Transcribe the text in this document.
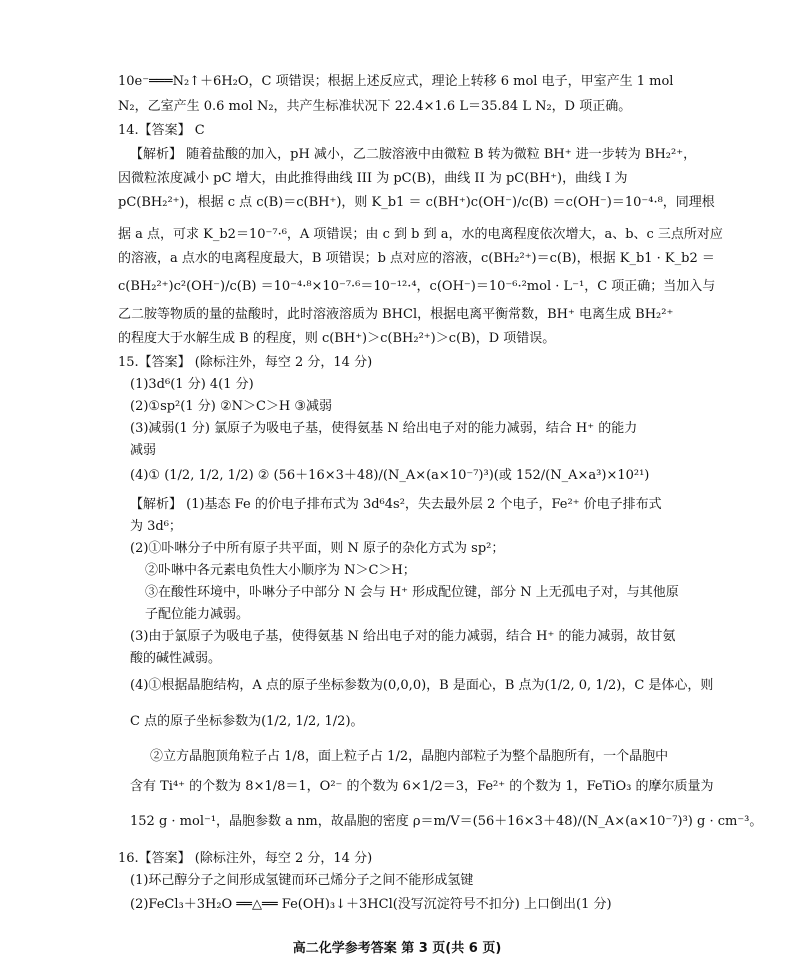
10e⁻═══N₂↑＋6H₂O，C 项错误；根据上述反应式，理论上转移 6 mol 电子，甲室产生 1 mol
N₂，乙室产生 0.6 mol N₂，共产生标准状况下 22.4×1.6 L＝35.84 L N₂，D 项正确。
14.【答案】 C
【解析】 随着盐酸的加入，pH 减小，乙二胺溶液中由微粒 B 转为微粒 BH⁺ 进一步转为 BH₂²⁺，
因微粒浓度减小 pC 增大，由此推得曲线 III 为 pC(B)，曲线 II 为 pC(BH⁺)，曲线 I 为
pC(BH₂²⁺)，根据 c 点 c(B)＝c(BH⁺)，则 K_b1 ＝ c(BH⁺)c(OH⁻)/c(B) ＝c(OH⁻)＝10⁻⁴·⁸，同理根
据 a 点，可求 K_b2＝10⁻⁷·⁶，A 项错误；由 c 到 b 到 a，水的电离程度依次增大，a、b、c 三点所对应
的溶液，a 点水的电离程度最大，B 项错误；b 点对应的溶液，c(BH₂²⁺)＝c(B)，根据 K_b1 · K_b2 ＝
c(BH₂²⁺)c²(OH⁻)/c(B) ＝10⁻⁴·⁸×10⁻⁷·⁶＝10⁻¹²·⁴，c(OH⁻)＝10⁻⁶·²mol · L⁻¹，C 项正确；当加入与
乙二胺等物质的量的盐酸时，此时溶液溶质为 BHCl，根据电离平衡常数，BH⁺ 电离生成 BH₂²⁺
的程度大于水解生成 B 的程度，则 c(BH⁺)＞c(BH₂²⁺)＞c(B)，D 项错误。
15.【答案】 (除标注外，每空 2 分，14 分)
(1)3d⁶(1 分) 4(1 分)
(2)①sp²(1 分) ②N＞C＞H ③减弱
(3)减弱(1 分) 氯原子为吸电子基，使得氨基 N 给出电子对的能力减弱，结合 H⁺ 的能力
减弱
(4)① (1/2, 1/2, 1/2) ② (56＋16×3＋48)/(N_A×(a×10⁻⁷)³)(或 152/(N_A×a³)×10²¹)
【解析】 (1)基态 Fe 的价电子排布式为 3d⁶4s²，失去最外层 2 个电子，Fe²⁺ 价电子排布式
为 3d⁶；
(2)①卟啉分子中所有原子共平面，则 N 原子的杂化方式为 sp²；
②卟啉中各元素电负性大小顺序为 N＞C＞H；
③在酸性环境中，卟啉分子中部分 N 会与 H⁺ 形成配位键，部分 N 上无孤电子对，与其他原
子配位能力减弱。
(3)由于氯原子为吸电子基，使得氨基 N 给出电子对的能力减弱，结合 H⁺ 的能力减弱，故甘氨
酸的碱性减弱。
(4)①根据晶胞结构，A 点的原子坐标参数为(0,0,0)，B 是面心，B 点为(1/2, 0, 1/2)，C 是体心，则
C 点的原子坐标参数为(1/2, 1/2, 1/2)。
②立方晶胞顶角粒子占 1/8，面上粒子占 1/2，晶胞内部粒子为整个晶胞所有，一个晶胞中
含有 Ti⁴⁺ 的个数为 8×1/8＝1，O²⁻ 的个数为 6×1/2＝3，Fe²⁺ 的个数为 1，FeTiO₃ 的摩尔质量为
152 g · mol⁻¹，晶胞参数 a nm，故晶胞的密度 ρ＝m/V＝(56＋16×3＋48)/(N_A×(a×10⁻⁷)³) g · cm⁻³。
16.【答案】 (除标注外，每空 2 分，14 分)
(1)环己醇分子之间形成氢键而环己烯分子之间不能形成氢键
(2)FeCl₃＋3H₂O ══△══ Fe(OH)₃↓＋3HCl(没写沉淀符号不扣分) 上口倒出(1 分)
高二化学参考答案 第 3 页(共 6 页)
